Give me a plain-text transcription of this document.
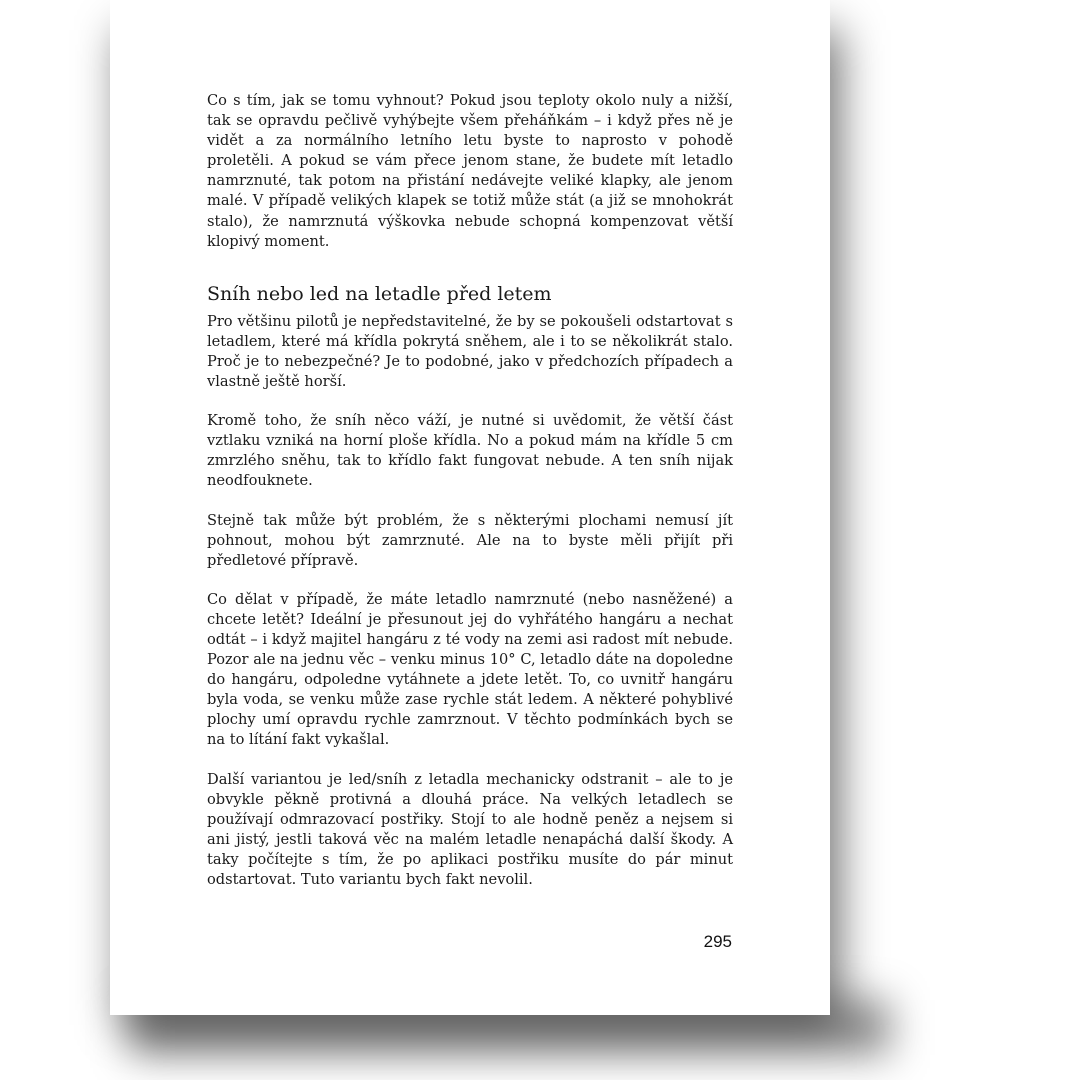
Co s tím, jak se tomu vyhnout? Pokud jsou teploty okolo nuly a nižší, tak se opravdu pečlivě vyhýbejte všem přeháňkám – i když přes ně je vidět a za normálního letního letu byste to naprosto v pohodě proletěli. A pokud se vám přece jenom stane, že budete mít letadlo namrznuté, tak potom na přistání nedávejte veliké klapky, ale jenom malé. V případě velikých klapek se totiž může stát (a již se mnohokrát stalo), že namrznutá výškovka nebude schopná kompenzovat větší klopivý moment.

Sníh nebo led na letadle před letem

Pro většinu pilotů je nepředstavitelné, že by se pokoušeli odstartovat s letadlem, které má křídla pokrytá sněhem, ale i to se několikrát stalo. Proč je to nebezpečné? Je to podobné, jako v předchozích případech a vlastně ještě horší.

Kromě toho, že sníh něco váží, je nutné si uvědomit, že větší část vztlaku vzniká na horní ploše křídla. No a pokud mám na křídle 5 cm zmrzlého sněhu, tak to křídlo fakt fungovat nebude. A ten sníh nijak neodfouknete.

Stejně tak může být problém, že s některými plochami nemusí jít pohnout, mohou být zamrznuté. Ale na to byste měli přijít při předletové přípravě.

Co dělat v případě, že máte letadlo namrznuté (nebo nasněžené) a chcete letět? Ideální je přesunout jej do vyhřátého hangáru a nechat odtát – i když majitel hangáru z té vody na zemi asi radost mít nebude. Pozor ale na jednu věc – venku minus 10° C, letadlo dáte na dopoledne do hangáru, odpoledne vytáhnete a jdete letět. To, co uvnitř hangáru byla voda, se venku může zase rychle stát ledem. A některé pohyblivé plochy umí opravdu rychle zamrznout. V těchto podmínkách bych se na to lítání fakt vykašlal.

Další variantou je led/sníh z letadla mechanicky odstranit – ale to je obvykle pěkně protivná a dlouhá práce. Na velkých letadlech se používají odmrazovací postřiky. Stojí to ale hodně peněz a nejsem si ani jistý, jestli taková věc na malém letadle nenapáchá další škody. A taky počítejte s tím, že po aplikaci postřiku musíte do pár minut odstartovat. Tuto variantu bych fakt nevolil.

295
